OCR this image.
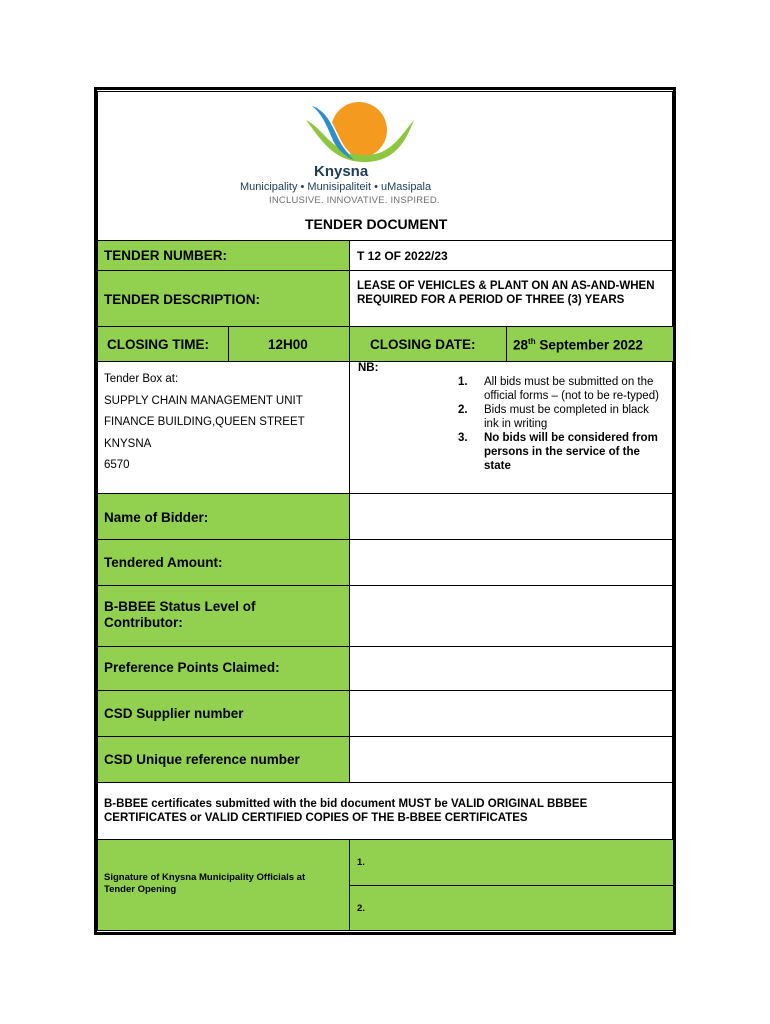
Knysna
Municipality • Munisipaliteit • uMasipala
INCLUSIVE. INNOVATIVE. INSPIRED.
TENDER DOCUMENT
TENDER NUMBER:	T 12 OF 2022/23
TENDER DESCRIPTION:
LEASE OF VEHICLES & PLANT ON AN AS-AND-WHEN REQUIRED FOR A PERIOD OF THREE (3) YEARS
CLOSING TIME:	12H00	CLOSING DATE:	28th September 2022
Tender Box at:
SUPPLY CHAIN MANAGEMENT UNIT
FINANCE BUILDING,QUEEN STREET
KNYSNA
6570
NB:
1. All bids must be submitted on the official forms – (not to be re-typed)
2. Bids must be completed in black ink in writing
3. No bids will be considered from persons in the service of the state
Name of Bidder:
Tendered Amount:
B-BBEE Status Level of Contributor:
Preference Points Claimed:
CSD Supplier number
CSD Unique reference number
B-BBEE certificates submitted with the bid document MUST be VALID ORIGINAL BBBEE CERTIFICATES or VALID CERTIFIED COPIES OF THE B-BBEE CERTIFICATES
Signature of Knysna Municipality Officials at Tender Opening
1.
2.
